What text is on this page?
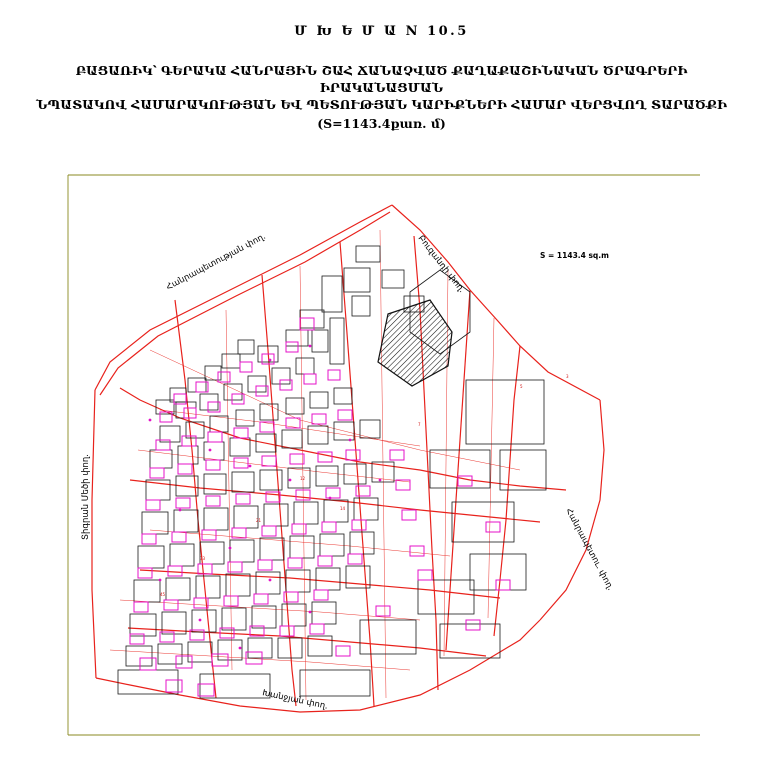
Մ Խ Ե Մ Ա N 10.5
ԲԱՑԱՌԻԿ՝ ԳԵՐԱԿԱ ՀԱՆՐԱՅԻՆ ՇԱՀ ՃԱՆԱՉՎԱԾ ՔԱՂԱՔԱՇԻՆԱԿԱՆ ԾՐԱԳՐԵՐԻ ԻՐԱԿԱՆԱՑՄԱՆ
ՆՊԱՏԱԿՈՎ ՀԱՄԱՐԱԿՈՒԹՅԱՆ ԵՎ ՊԵՏՈՒԹՅԱՆ ԿԱՐԻՔՆԵՐԻ ՀԱՄԱՐ ՎԵՐՑՎՈՂ ՏԱՐԱԾՔԻ
(S=1143.4քառ. մ)
12
14
21
33
45
7
5
3
Հանրապետության փող.	Բուզանդի փող.
Տիգրան Մեծի փող.
Խանջյան փող.
Հանրապետու. փող.
S = 1143.4 sq.m
